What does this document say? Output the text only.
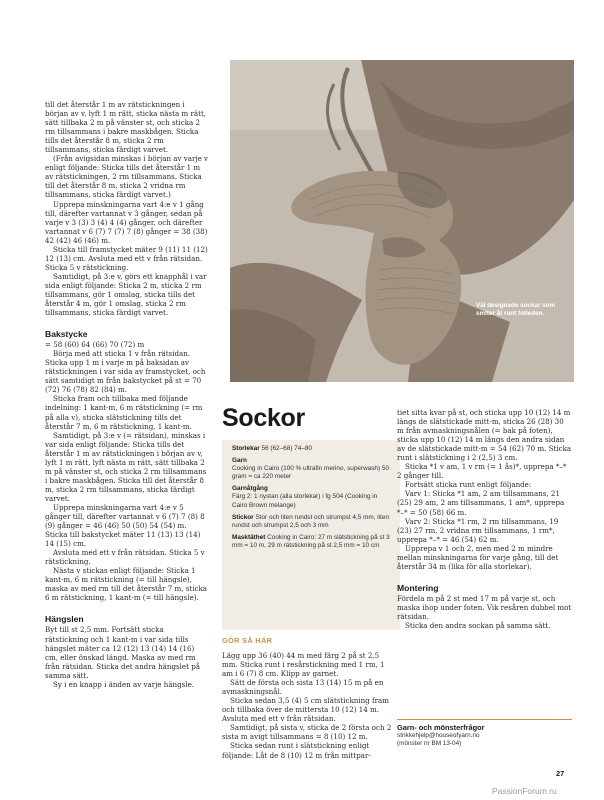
till det återstår 1 m av rätstickningen i början av v, lyft 1 m rätt, sticka nästa m rätt, sätt tillbaka 2 m på vänster st, och sticka 2 rm tillsammans i bakre maskbågen. Sticka tills det återstår 8 m, sticka 2 rm tillsammans, sticka färdigt varvet.

(Från avigsidan minskas i början av varje v enligt följande: Sticka tills det återstår 1 m av rätstickningen, 2 rm tillsammans. Sticka till det återstår 8 m, sticka 2 vridna rm tillsammans, sticka färdigt varvet.)

Upprepa minskningarna vart 4:e v 1 gång till, därefter vartannat v 3 gånger, sedan på varje v 3 (3) 3 (4) 4 (4) gånger, och därefter vartannat v 6 (7) 7 (7) 7 (8) gånger = 38 (38) 42 (42) 46 (46) m.

Sticka till framstycket mäter 9 (11) 11 (12) 12 (13) cm. Avsluta med ett v från rätsidan. Sticka 5 v rätstickning.

Samtidigt, på 3:e v, görs ett knapphål i var sida enligt följande: Sticka 2 m, sticka 2 rm tillsammans, gör 1 omslag, sticka tills det återstår 4 m, gör 1 omslag, sticka 2 rm tillsammans, sticka färdigt varvet.

Bakstycke

= 58 (60) 64 (66) 70 (72) m

Börja med att sticka 1 v från rätsidan. Sticka upp 1 m i varje m på baksidan av rätstickningen i var sida av framstycket, och sätt samtidigt m från bakstycket på st = 70 (72) 76 (78) 82 (84) m.

Sticka fram och tillbaka med följande indelning: 1 kant-m, 6 m rätstickning (= rm på alla v), sticka slätstickning tills det återstår 7 m, 6 m rätstickning, 1 kant-m.

Samtidigt, på 3:e v (= rätsidan), minskas i var sida enligt följande: Sticka tills det återstår 1 m av rätstickningen i början av v, lyft 1 m rätt, lyft nästa m rätt, sätt tillbaka 2 m på vänster st, och sticka 2 rm tillsammans i bakre maskbågen. Sticka till det återstår 8 m, sticka 2 rm tillsammans, sticka färdigt varvet.

Upprepa minskningarna vart 4:e v 5 gånger till, därefter vartannat v 6 (7) 7 (8) 8 (9) gånger = 46 (46) 50 (50) 54 (54) m. Sticka till bakstycket mäter 11 (13) 13 (14) 14 (15) cm.

Avsluta med ett v från rätsidan. Sticka 5 v rätstickning.

Nästa v stickas enligt följande: Sticka 1 kant-m, 6 m rätstickning (= till hängsle), maska av med rm till det återstår 7 m, sticka 6 m rätstickning, 1 kant-m (= till hängsle).

Hängslen

Byt till st 2,5 mm. Fortsätt sticka rätstickning och 1 kant-m i var sida tills hängslet mäter ca 12 (12) 13 (14) 14 (16) cm, eller önskad längd. Maska av med rm från rätsidan. Sticka det andra hängslet på samma sätt.

Sy i en knapp i änden av varje hängsle.

Väl designade sockar som smiter åt runt fotleden.
Sockor

Storlekar 56 (62–68) 74–80

Garn
Cooking in Cairo (100 % ultrafin merino, superwash) 50 gram = ca 220 meter

Garnåtgång
Färg 2: 1 nystan (alla storlekar) i fg 504 (Cooking in Cairo Brown melange)

Stickor Stor och liten rundst och strumpst 4,5 mm, liten rundst och strumpst 2,5 och 3 mm

Masktäthet Cooking in Cairo: 27 m slätstickning på st 3 mm = 10 m, 29 m rätstickning på st 2,5 mm = 10 cm

GÖR SÅ HÄR

Lägg upp 36 (40) 44 m med färg 2 på st 2,5 mm. Sticka runt i resårstickning med 1 rm, 1 am i 6 (7) 8 cm. Klipp av garnet.

Sätt de första och sista 13 (14) 15 m på en avmaskningsnål.

Sticka sedan 3,5 (4) 5 cm slätstickning fram och tillbaka över de mittersta 10 (12) 14 m. Avsluta med ett v från rätsidan.

Samtidigt, på sista v, sticka de 2 första och 2 sista m avigt tillsammans = 8 (10) 12 m.

Sticka sedan runt i slätstickning enligt följande: Låt de 8 (10) 12 m från mittpar-

tiet sitta kvar på st, och sticka upp 10 (12) 14 m längs de slätstickade mitt-m, sticka 26 (28) 30 m från avmaskningsnålen (= bak på foten), sticka upp 10 (12) 14 m längs den andra sidan av de slätstickade mitt-m = 54 (62) 70 m. Sticka runt i slätstickning i 2 (2,5) 3 cm.

Sticka *1 v am, 1 v rm (= 1 ås)*, upprepa *–* 2 gånger till.

Fortsätt sticka runt enligt följande:

Varv 1: Sticka *1 am, 2 am tillsammans, 21 (25) 29 am, 2 am tillsammans, 1 am*, upprepa *–* = 50 (58) 66 m.

Varv 2: Sticka *1 rm, 2 rm tillsammans, 19 (23) 27 rm, 2 vridna rm tillsammans, 1 rm*, upprepa *–* = 46 (54) 62 m.

Upprepa v 1 och 2, men med 2 m mindre mellan minskningarna för varje gång, till det återstår 34 m (lika för alla storlekar).

Montering

Fördela m på 2 st med 17 m på varje st, och maska ihop under foten. Vik resåren dubbel mot rätsidan.

Sticka den andra sockan på samma sätt.

Garn- och mönsterfrågor
strikkehjelp@houseofyarn.no
(mönster nr BM 13-04)
27
PassionForum.ru
